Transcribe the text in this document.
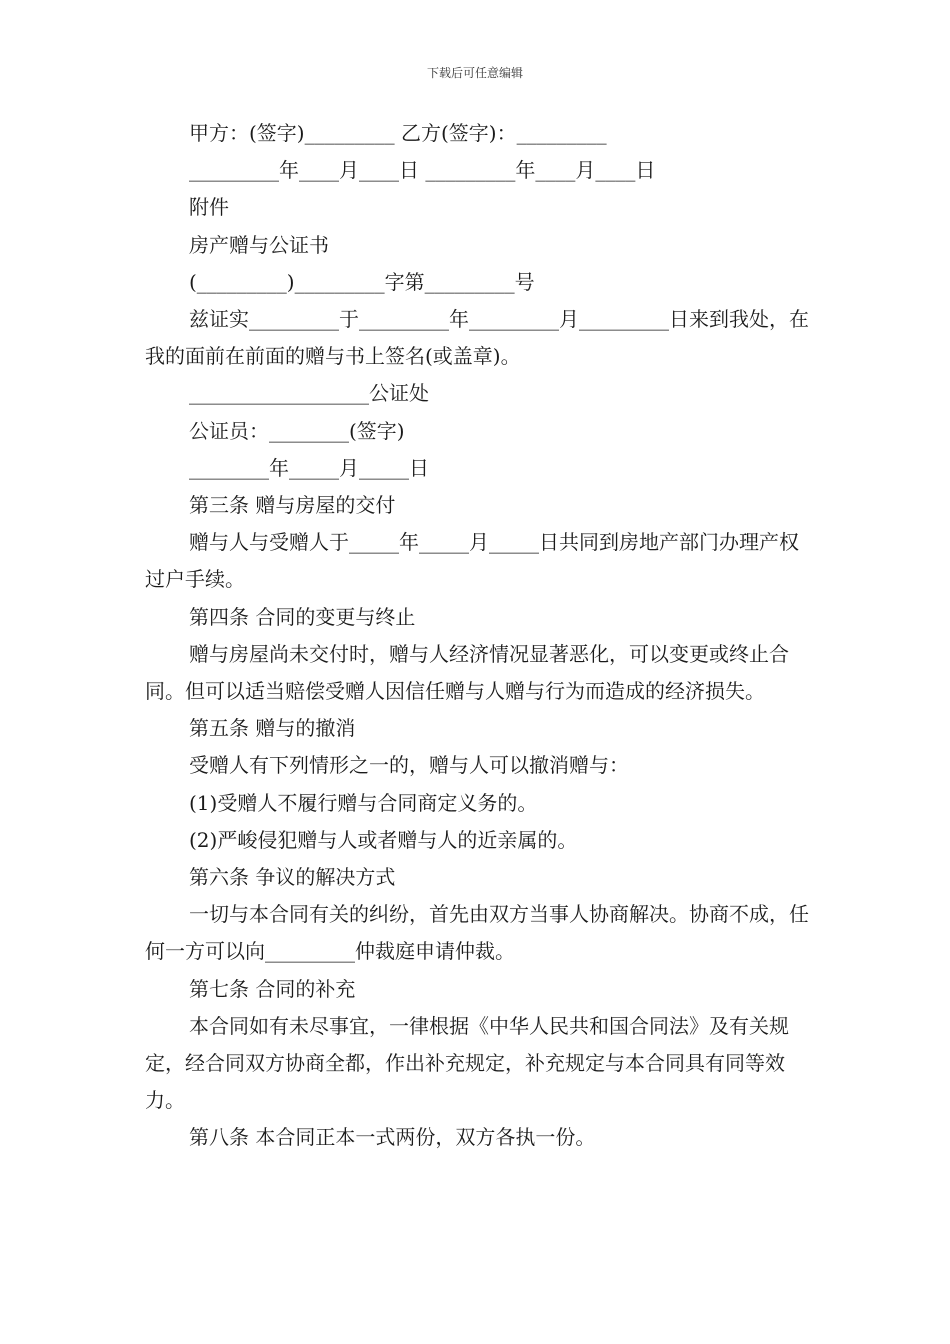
下载后可任意编辑
甲方：(签字)_________ 乙方(签字)：_________
_________年____月____日 _________年____月____日
附件
房产赠与公证书
(_________)_________字第_________号
兹证实_________于_________年_________月_________日来到我处，在我的面前在前面的赠与书上签名(或盖章)。
__________________公证处
公证员：________(签字)
________年_____月_____日
第三条 赠与房屋的交付
赠与人与受赠人于_____年_____月_____日共同到房地产部门办理产权过户手续。
第四条 合同的变更与终止
赠与房屋尚未交付时，赠与人经济情况显著恶化，可以变更或终止合同。但可以适当赔偿受赠人因信任赠与人赠与行为而造成的经济损失。
第五条 赠与的撤消
受赠人有下列情形之一的，赠与人可以撤消赠与：
(1)受赠人不履行赠与合同商定义务的。
(2)严峻侵犯赠与人或者赠与人的近亲属的。
第六条 争议的解决方式
一切与本合同有关的纠纷，首先由双方当事人协商解决。协商不成，任何一方可以向_________仲裁庭申请仲裁。
第七条 合同的补充
本合同如有未尽事宜，一律根据《中华人民共和国合同法》及有关规定，经合同双方协商全都，作出补充规定，补充规定与本合同具有同等效力。
第八条 本合同正本一式两份，双方各执一份。
